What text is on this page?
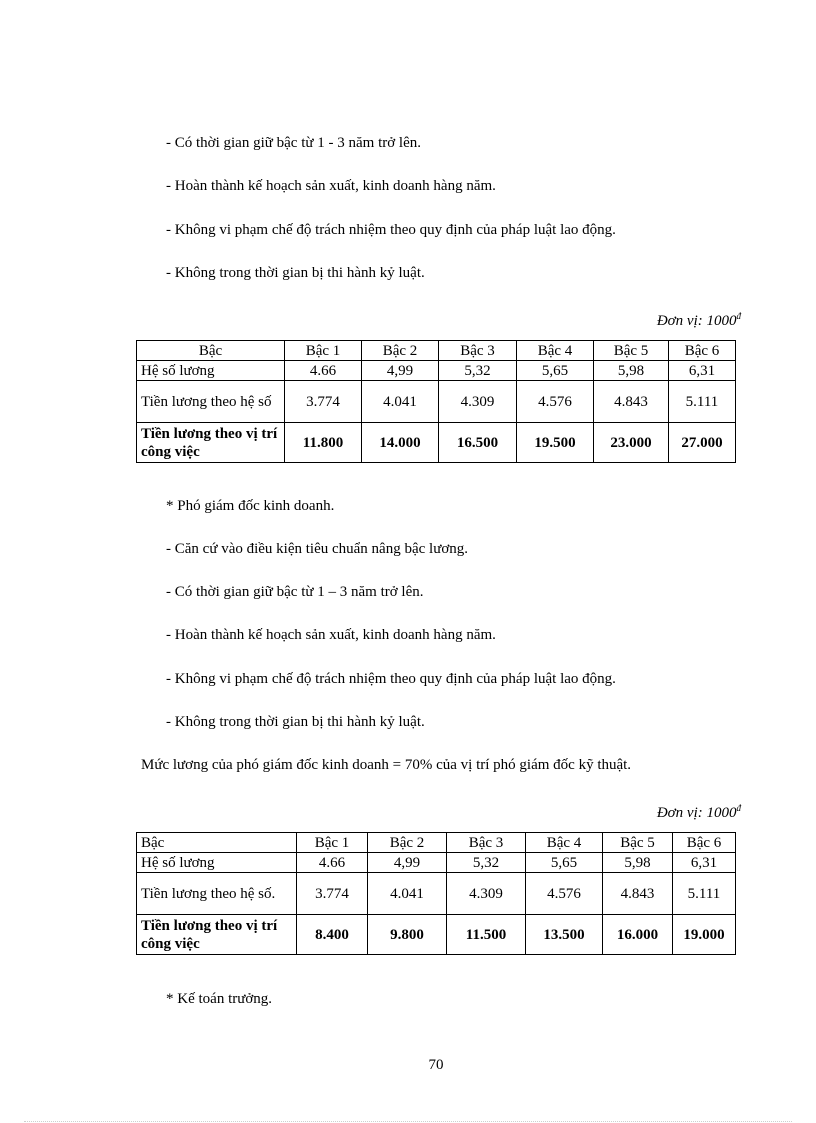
- Có thời gian giữ bậc từ 1 - 3 năm trở lên.
- Hoàn thành kế hoạch sản xuất, kinh doanh hàng năm.
- Không vi phạm chế độ trách nhiệm theo quy định của pháp luật lao động.
- Không trong thời gian bị thi hành kỷ luật.
Đơn vị: $1000^đ$
Bậc	Bậc 1	Bậc 2	Bậc 3	Bậc 4	Bậc 5	Bậc 6
Hệ số lương	4.66	4,99	5,32	5,65	5,98	6,31
Tiền lương theo hệ số	3.774	4.041	4.309	4.576	4.843	5.111
Tiền lương theo vị trí công việc	11.800	14.000	16.500	19.500	23.000	27.000
* Phó giám đốc kinh doanh.
- Căn cứ vào điều kiện tiêu chuẩn nâng bậc lương.
- Có thời gian giữ bậc từ 1 – 3 năm trở lên.
- Hoàn thành kế hoạch sản xuất, kinh doanh hàng năm.
- Không vi phạm chế độ trách nhiệm theo quy định của pháp luật lao động.
- Không trong thời gian bị thi hành kỷ luật.
Mức lương của phó giám đốc kinh doanh = 70% của vị trí phó giám đốc kỹ thuật.
Đơn vị: $1000^đ$
Bậc	Bậc 1	Bậc 2	Bậc 3	Bậc 4	Bậc 5	Bậc 6
Hệ số lương	4.66	4,99	5,32	5,65	5,98	6,31
Tiền lương theo hệ số.	3.774	4.041	4.309	4.576	4.843	5.111
Tiền lương theo vị trí công việc	8.400	9.800	11.500	13.500	16.000	19.000
* Kế toán trưởng.
70
